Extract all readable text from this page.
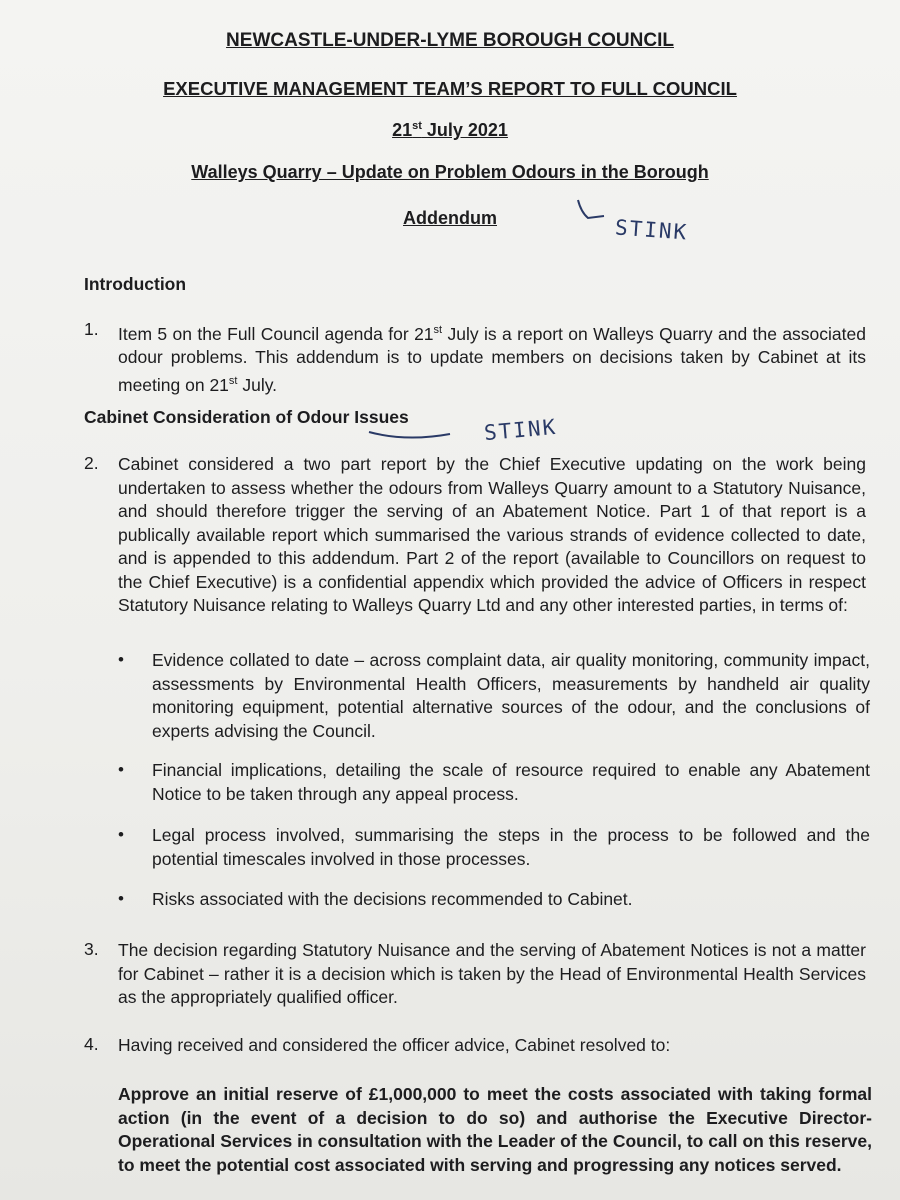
NEWCASTLE-UNDER-LYME BOROUGH COUNCIL
EXECUTIVE MANAGEMENT TEAM’S REPORT TO FULL COUNCIL
21st July 2021
Walleys Quarry – Update on Problem Odours in the Borough
Addendum	STINK
Introduction
1. Item 5 on the Full Council agenda for 21st July is a report on Walleys Quarry and the associated odour problems. This addendum is to update members on decisions taken by Cabinet at its meeting on 21st July.
Cabinet Consideration of Odour Issues	STINK
2. Cabinet considered a two part report by the Chief Executive updating on the work being undertaken to assess whether the odours from Walleys Quarry amount to a Statutory Nuisance, and should therefore trigger the serving of an Abatement Notice. Part 1 of that report is a publically available report which summarised the various strands of evidence collected to date, and is appended to this addendum. Part 2 of the report (available to Councillors on request to the Chief Executive) is a confidential appendix which provided the advice of Officers in respect Statutory Nuisance relating to Walleys Quarry Ltd and any other interested parties, in terms of:
• Evidence collated to date – across complaint data, air quality monitoring, community impact, assessments by Environmental Health Officers, measurements by handheld air quality monitoring equipment, potential alternative sources of the odour, and the conclusions of experts advising the Council.
• Financial implications, detailing the scale of resource required to enable any Abatement Notice to be taken through any appeal process.
• Legal process involved, summarising the steps in the process to be followed and the potential timescales involved in those processes.
• Risks associated with the decisions recommended to Cabinet.
3. The decision regarding Statutory Nuisance and the serving of Abatement Notices is not a matter for Cabinet – rather it is a decision which is taken by the Head of Environmental Health Services as the appropriately qualified officer.
4. Having received and considered the officer advice, Cabinet resolved to:
Approve an initial reserve of £1,000,000 to meet the costs associated with taking formal action (in the event of a decision to do so) and authorise the Executive Director- Operational Services in consultation with the Leader of the Council, to call on this reserve, to meet the potential cost associated with serving and progressing any notices served.
